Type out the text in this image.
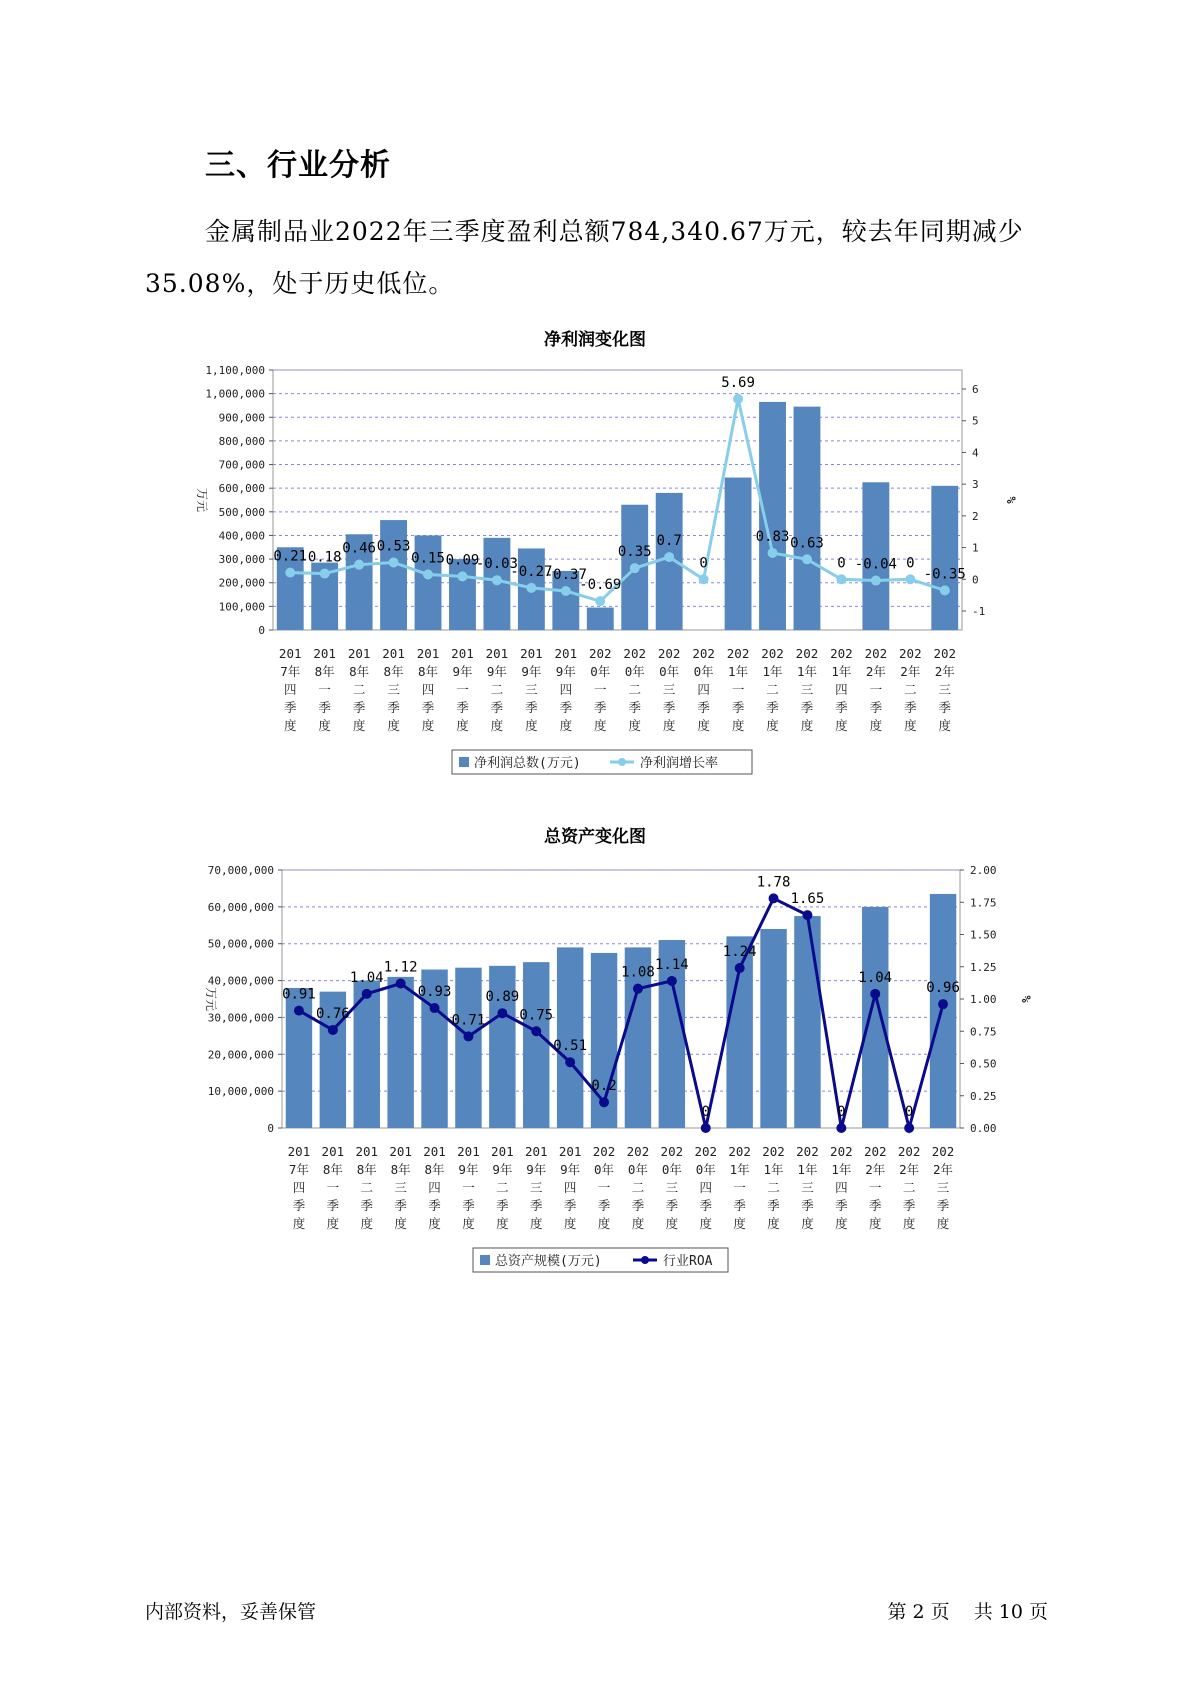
三、行业分析

金属制品业2022年三季度盈利总额784,340.67万元，较去年同期减少35.08%，处于历史低位。

净利润变化图
0
100,000
200,000
300,000
400,000
500,000
600,000
700,000
800,000
900,000
1,000,000
1,100,000
-1
0
1
2
3
4
5
6
万元	%
0.21 0.18
0.46 0.53
0.15 0.09
-0.03
-0.27
-0.37
-0.69
0.35
0.7
0
5.69
0.83 0.63
0 -0.04 0
-0.35
201
7年
四
季
度
201
8年
一
季
度
201
8年
二
季
度
201
8年
三
季
度
201
8年
四
季
度
201
9年
一
季
度
201
9年
二
季
度
201
9年
三
季
度
201
9年
四
季
度
202
0年
一
季
度
202
0年
二
季
度
202
0年
三
季
度
202
0年
四
季
度
202
1年
一
季
度
202
1年
二
季
度
202
1年
三
季
度
202
1年
四
季
度
202
2年
一
季
度
202
2年
二
季
度
202
2年
三
季
度
净利润总数(万元)	净利润增长率
总资产变化图
0
10,000,000
20,000,000
30,000,000
40,000,000
50,000,000
60,000,000
70,000,000
0.00
0.25
0.50
0.75
1.00
1.25
1.50
1.75
2.00
万元	%
0.91
0.76
1.04
1.12
0.93
0.71
0.89
0.75
0.51
0.2
1.08 1.14
0
1.24
1.78
1.65
0
1.04
0
0.96
201
7年
四
季
度
201
8年
一
季
度
201
8年
二
季
度
201
8年
三
季
度
201
8年
四
季
度
201
9年
一
季
度
201
9年
二
季
度
201
9年
三
季
度
201
9年
四
季
度
202
0年
一
季
度
202
0年
二
季
度
202
0年
三
季
度
202
0年
四
季
度
202
1年
一
季
度
202
1年
二
季
度
202
1年
三
季
度
202
1年
四
季
度
202
2年
一
季
度
202
2年
二
季
度
202
2年
三
季
度
总资产规模(万元)	行业ROA
内部资料，妥善保管	第 2 页 共 10 页
